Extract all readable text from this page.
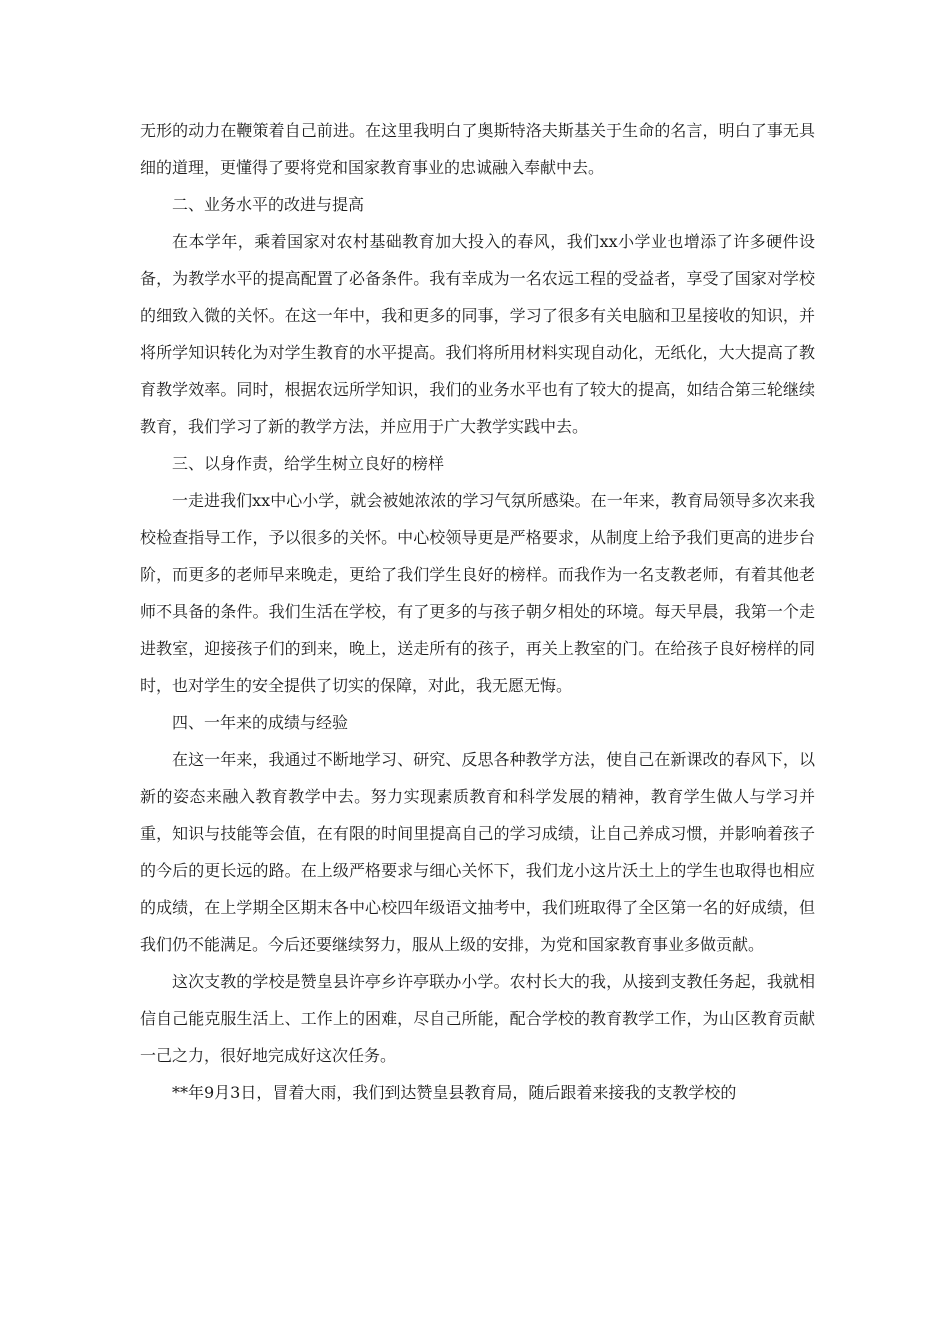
无形的动力在鞭策着自己前进。在这里我明白了奥斯特洛夫斯基关于生命的名言，明白了事无具细的道理，更懂得了要将党和国家教育事业的忠诚融入奉献中去。

二、业务水平的改进与提高

在本学年，乘着国家对农村基础教育加大投入的春风，我们xx小学业也增添了许多硬件设备，为教学水平的提高配置了必备条件。我有幸成为一名农远工程的受益者，享受了国家对学校的细致入微的关怀。在这一年中，我和更多的同事，学习了很多有关电脑和卫星接收的知识，并将所学知识转化为对学生教育的水平提高。我们将所用材料实现自动化，无纸化，大大提高了教育教学效率。同时，根据农远所学知识，我们的业务水平也有了较大的提高，如结合第三轮继续教育，我们学习了新的教学方法，并应用于广大教学实践中去。

三、以身作责，给学生树立良好的榜样

一走进我们xx中心小学，就会被她浓浓的学习气氛所感染。在一年来，教育局领导多次来我校检查指导工作，予以很多的关怀。中心校领导更是严格要求，从制度上给予我们更高的进步台阶，而更多的老师早来晚走，更给了我们学生良好的榜样。而我作为一名支教老师，有着其他老师不具备的条件。我们生活在学校，有了更多的与孩子朝夕相处的环境。每天早晨，我第一个走进教室，迎接孩子们的到来，晚上，送走所有的孩子，再关上教室的门。在给孩子良好榜样的同时，也对学生的安全提供了切实的保障，对此，我无愿无悔。

四、一年来的成绩与经验

在这一年来，我通过不断地学习、研究、反思各种教学方法，使自己在新课改的春风下，以新的姿态来融入教育教学中去。努力实现素质教育和科学发展的精神，教育学生做人与学习并重，知识与技能等会值，在有限的时间里提高自己的学习成绩，让自己养成习惯，并影响着孩子的今后的更长远的路。在上级严格要求与细心关怀下，我们龙小这片沃土上的学生也取得也相应的成绩，在上学期全区期末各中心校四年级语文抽考中，我们班取得了全区第一名的好成绩，但我们仍不能满足。今后还要继续努力，服从上级的安排，为党和国家教育事业多做贡献。

这次支教的学校是赞皇县许亭乡许亭联办小学。农村长大的我，从接到支教任务起，我就相信自己能克服生活上、工作上的困难，尽自己所能，配合学校的教育教学工作，为山区教育贡献一己之力，很好地完成好这次任务。

**年9月3日，冒着大雨，我们到达赞皇县教育局，随后跟着来接我的支教学校的
